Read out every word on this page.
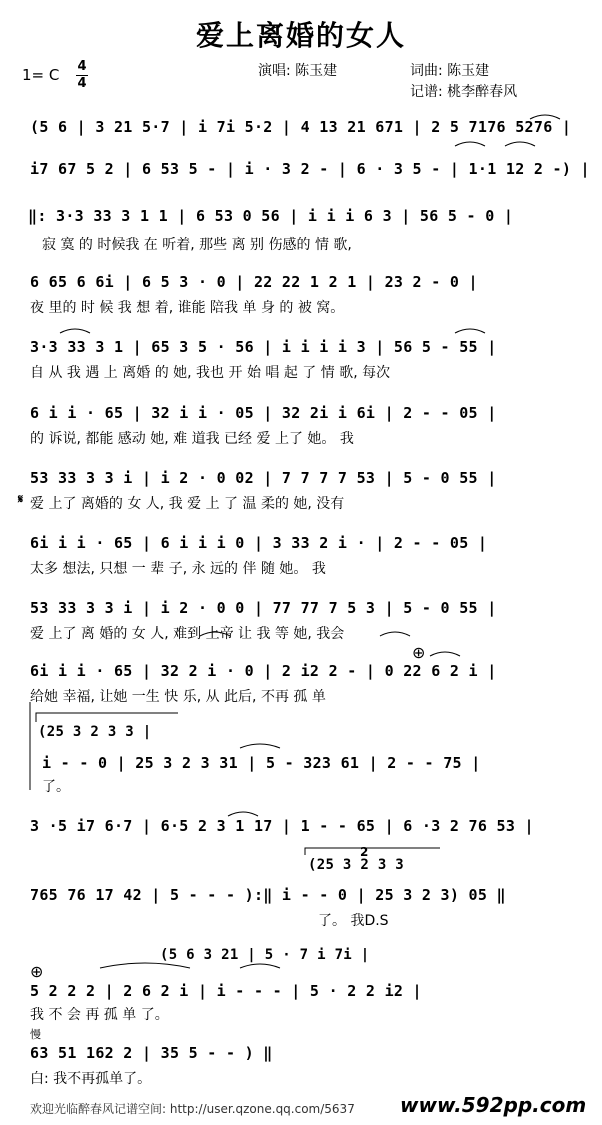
爱上离婚的女人
1= C 4
4
演唱: 陈玉建	词曲: 陈玉建
记谱: 桃李醉春风
(5 6 | 3 21 5·7 | i 7i 5·2 | 4 13 21 671 | 2 5 7176 5276 |
i7 67 5 2 | 6 53 5 - | i · 3 2 - | 6 · 3 5 - | 1·1 12 2 -) |
‖: 3·3 33 3 1 1 | 6 53 0 56 | i i i 6 3 | 56 5 - 0 |
寂 寞 的 时候我 在 听着, 那些 离 别 伤感的 情 歌,
6 65 6 6i | 6 5 3 · 0 | 22 22 1 2 1 | 23 2 - 0 |
夜 里的 时 候 我 想 着, 谁能 陪我 单 身 的 被 窝。
3·3 33 3 1 | 65 3 5 · 56 | i i i i 3 | 56 5 - 55 |
自 从 我 遇 上 离婚 的 她, 我也 开 始 唱 起 了 情 歌, 每次
6 i i · 65 | 32 i i · 05 | 32 2i i 6i | 2 - - 05 |
的 诉说, 都能 感动 她, 难 道我 已经 爱 上了 她。 我
𝄋
53 33 3 3 i | i 2 · 0 02 | 7 7 7 7 53 | 5 - 0 55 |
爱 上了 离婚的 女 人, 我 爱 上 了 温 柔的 她, 没有
6i i i · 65 | 6 i i i 0 | 3 33 2 i · | 2 - - 05 |
太多 想法, 只想 一 辈 子, 永 远的 伴 随 她。 我
53 33 3 3 i | i 2 · 0 0 | 77 77 7 5 3 | 5 - 0 55 |
爱 上了 离 婚的 女 人, 难到 上帝 让 我 等 她, 我会
⊕
6i i i · 65 | 32 2 i · 0 | 2 i2 2 - | 0 22 6 2 i |
给她 幸福, 让她 一生 快 乐, 从 此后, 不再 孤 单
(25 3 2 3 3 |
i - - 0 | 25 3 2 3 31 | 5 - 323 61 | 2 - - 75 |
了。
3 ·5 i7 6·7 | 6·5 2 3 1 17 | 1 - - 65 | 6 ·3 2 76 53 |
2
(25 3 2 3 3
765 76 17 42 | 5 - - - ):‖ i - - 0 | 25 3 2 3) 05 ‖
了。 我D.S
(5 6 3 21 | 5 · 7 i 7i |
⊕
5 2 2 2 | 2 6 2 i | i - - - | 5 · 2 2 i2 |
我 不 会 再 孤 单 了。
慢
63 51 162 2 | 35 5 - - ) ‖
白: 我不再孤单了。
欢迎光临醉春风记谱空间: http://user.qzone.qq.com/5637 www.592pp.com
